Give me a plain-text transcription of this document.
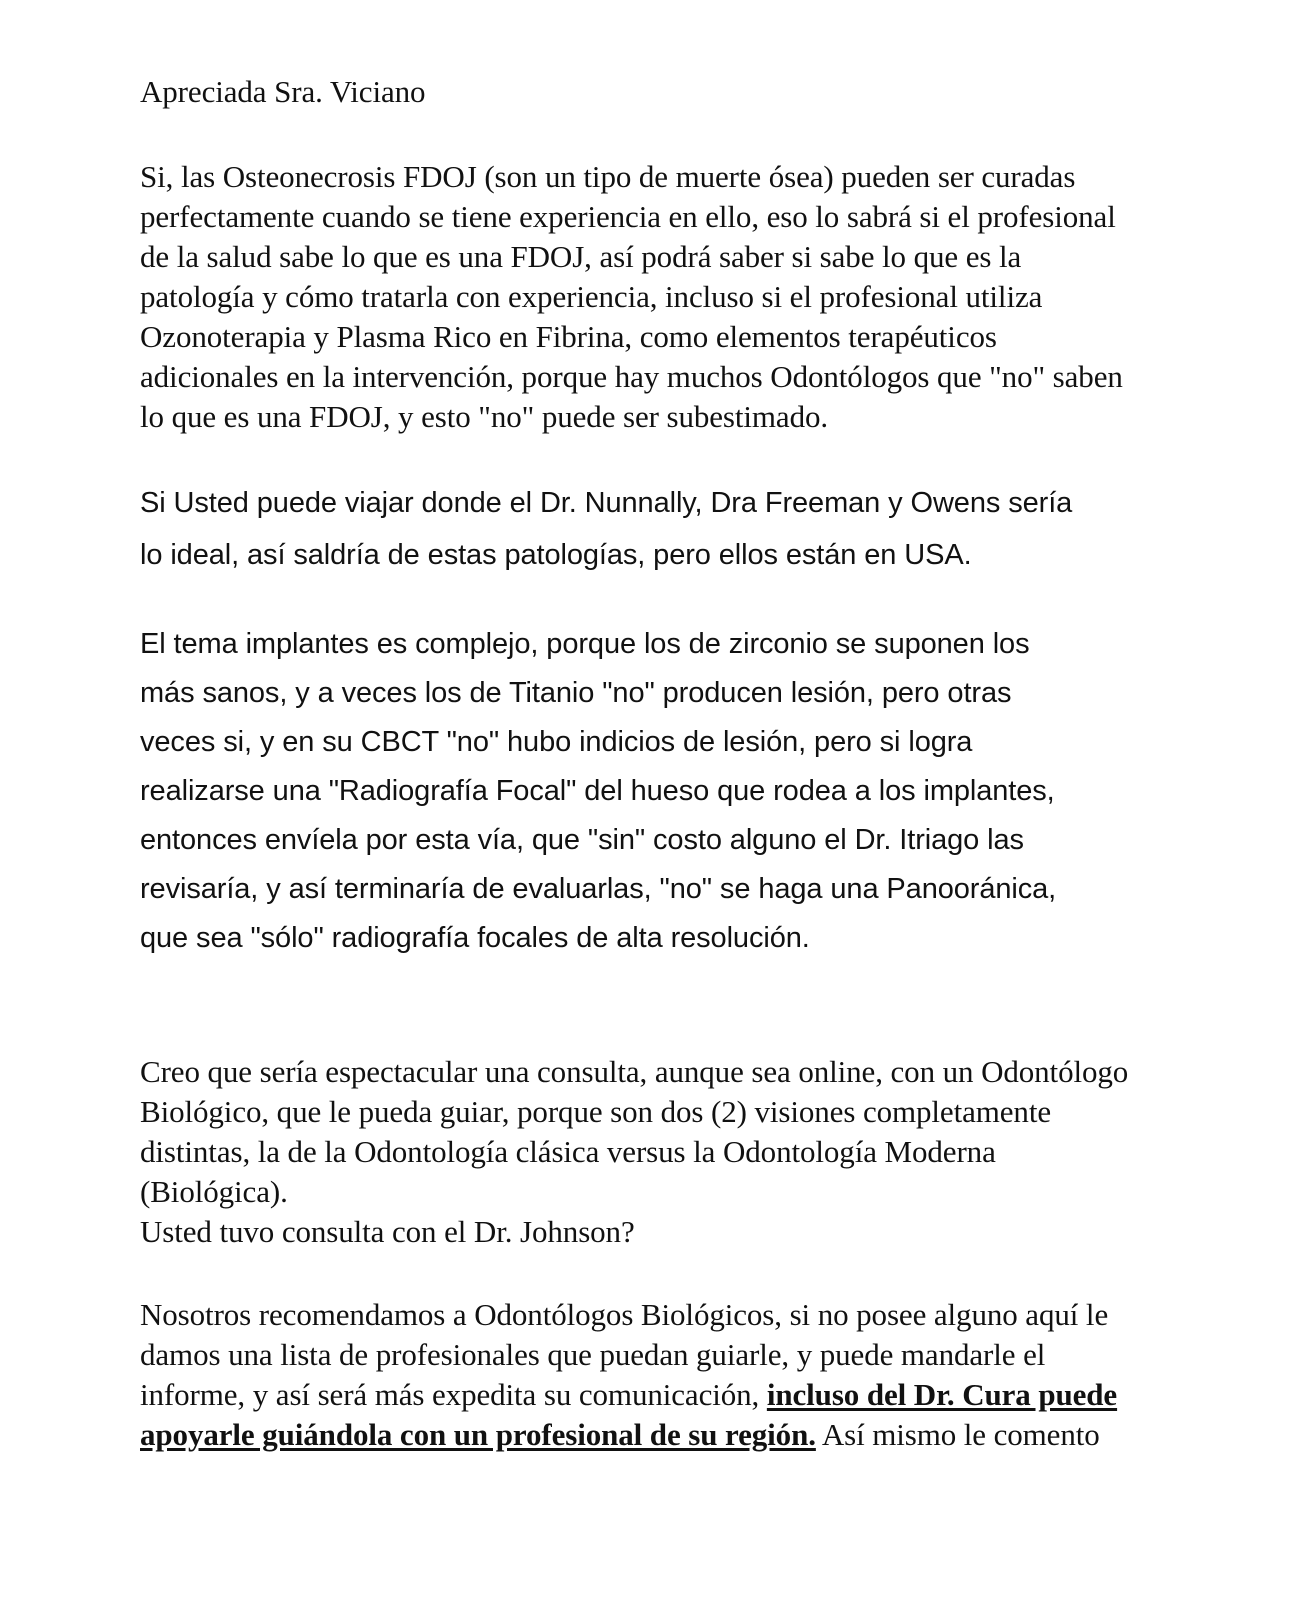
Apreciada Sra. Viciano

Si, las Osteonecrosis FDOJ (son un tipo de muerte ósea) pueden ser curadas
perfectamente cuando se tiene experiencia en ello, eso lo sabrá si el profesional
de la salud sabe lo que es una FDOJ, así podrá saber si sabe lo que es la
patología y cómo tratarla con experiencia, incluso si el profesional utiliza
Ozonoterapia y Plasma Rico en Fibrina, como elementos terapéuticos
adicionales en la intervención, porque hay muchos Odontólogos que "no" saben
lo que es una FDOJ, y esto "no" puede ser subestimado.

Si Usted puede viajar donde el Dr. Nunnally, Dra Freeman y Owens sería
lo ideal, así saldría de estas patologías, pero ellos están en USA.

El tema implantes es complejo, porque los de zirconio se suponen los
más sanos, y a veces los de Titanio "no" producen lesión, pero otras
veces si, y en su CBCT "no" hubo indicios de lesión, pero si logra
realizarse una "Radiografía Focal" del hueso que rodea a los implantes,
entonces envíela por esta vía, que "sin" costo alguno el Dr. Itriago las
revisaría, y así terminaría de evaluarlas, "no" se haga una Panooránica,
que sea "sólo" radiografía focales de alta resolución.

Creo que sería espectacular una consulta, aunque sea online, con un Odontólogo
Biológico, que le pueda guiar, porque son dos (2) visiones completamente
distintas, la de la Odontología clásica versus la Odontología Moderna
(Biológica).
Usted tuvo consulta con el Dr. Johnson?

Nosotros recomendamos a Odontólogos Biológicos, si no posee alguno aquí le
damos una lista de profesionales que puedan guiarle, y puede mandarle el
informe, y así será más expedita su comunicación, incluso del Dr. Cura puede
apoyarle guiándola con un profesional de su región. Así mismo le comento
